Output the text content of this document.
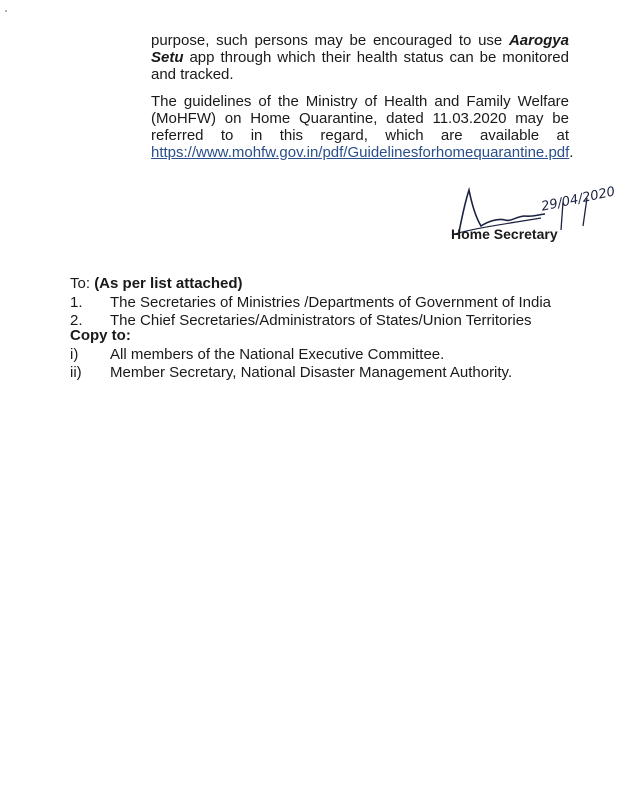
purpose, such persons may be encouraged to use Aarogya Setu app through which their health status can be monitored and tracked.

The guidelines of the Ministry of Health and Family Welfare (MoHFW) on Home Quarantine, dated 11.03.2020 may be referred to in this regard, which are available at https://www.mohfw.gov.in/pdf/Guidelinesforhomequarantine.pdf.

29/04/2020
Home Secretary
To: (As per list attached)
1. The Secretaries of Ministries /Departments of Government of India
2. The Chief Secretaries/Administrators of States/Union Territories
Copy to:
i) All members of the National Executive Committee.
ii) Member Secretary, National Disaster Management Authority.
